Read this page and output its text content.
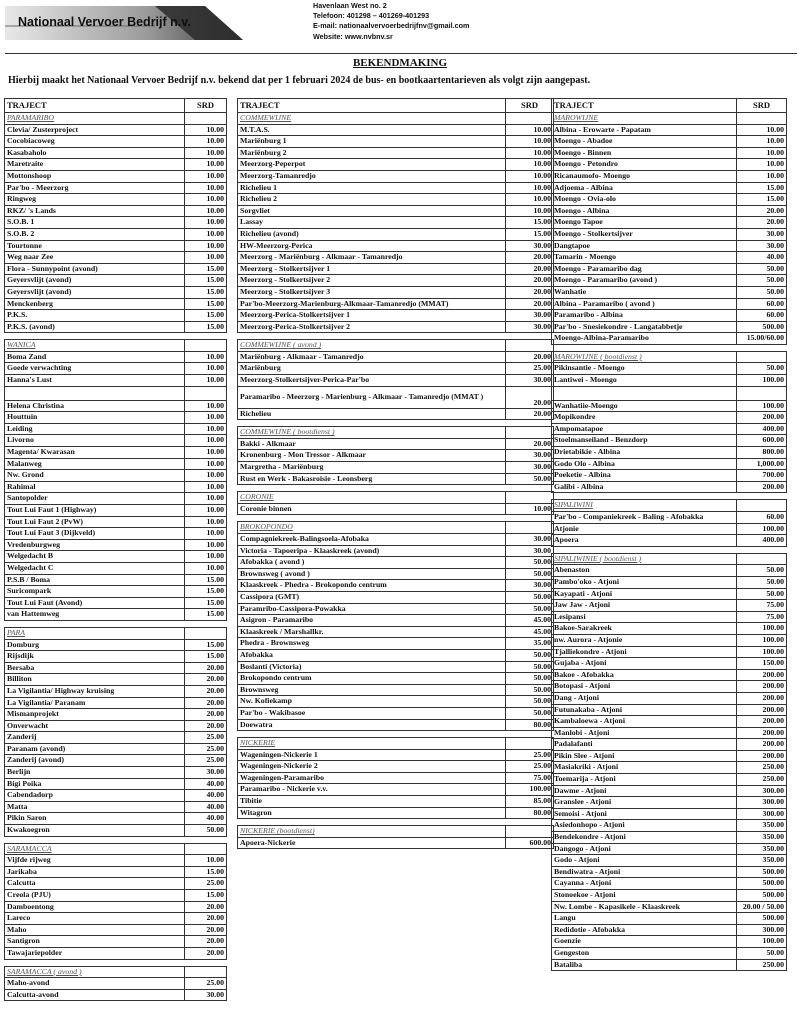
Nationaal Vervoer Bedrijf n.v.
Havenlaan West no. 2
Telefoon: 401298 – 401269-401293
E-mail: nationaalvervoerbedrijfnv@gmail.com
Website: www.nvbnv.sr
BEKENDMAKING
Hierbij maakt het Nationaal Vervoer Bedrijf n.v. bekend dat per 1 februari 2024 de bus- en bootkaartentarieven als volgt zijn aangepast.
TRAJECT	SRD
PARAMARIBO	
Clevia/ Zusterproject	10.00
Cocobiacoweg	10.00
Kasabaholo	10.00
Maretraite	10.00
Mottonshoop	10.00
Par'bo - Meerzorg	10.00
Ringweg	10.00
RKZ/ 's Lands	10.00
S.O.B. 1	10.00
S.O.B. 2	10.00
Tourtonne	10.00
Weg naar Zee	10.00
Flora - Sunnypoint (avond)	15.00
Geyersvlijt (avond)	15.00
Geyersvlijt (avond)	15.00
Menckenberg	15.00
P.K.S.	15.00
P.K.S. (avond)	15.00

WANICA	
Boma Zand	10.00
Goede verwachting	10.00
Hanna's Lust	10.00

Helena Christina	10.00
Houttuin	10.00
Leiding	10.00
Livorno	10.00
Magenta/ Kwarasan	10.00
Malanweg	10.00
Nw. Grond	10.00
Rahimal	10.00
Santopolder	10.00
Tout Lui Faut 1 (Highway)	10.00
Tout Lui Faut 2 (PvW)	10.00
Tout Lui Faut 3 (Dijkveld)	10.00
Vredenburgweg	10.00
Welgedacht B	10.00
Welgedacht C	10.00
P.S.B / Boma	15.00
Suricompark	15.00
Tout Lui Faut (Avond)	15.00
van Hattemweg	15.00

PARA	
Domburg	15.00
Rijsdijk	15.00
Bersaba	20.00
Billiton	20.00
La Vigilantia/ Highway kruising	20.00
La Vigilantia/ Paranam	20.00
Mismanprojekt	20.00
Onverwacht	20.00
Zanderij	25.00
Paranam (avond)	25.00
Zanderij (avond)	25.00
Berlijn	30.00
Bigi Poika	40.00
Cabendadorp	40.00
Matta	40.00
Pikin Saron	40.00
Kwakoegron	50.00

SARAMACCA	
Vijfde rijweg	10.00
Jarikaba	15.00
Calcutta	25.00
Creola (PJU)	15.00
Damboentong	20.00
Lareco	20.00
Maho	20.00
Santigron	20.00
Tawajariepolder	20.00

SARAMACCA ( avond )	
Maho-avond	25.00
Calcutta-avond	30.00
TRAJECT	SRD
COMMEWIJNE	
M.T.A.S.	10.00
Mariënburg 1	10.00
Mariënburg 2	10.00
Meerzorg-Peperpot	10.00
Meerzorg-Tamanredjo	10.00
Richelieu 1	10.00
Richelieu 2	10.00
Sorgvliet	10.00
Lassay	15.00
Richelieu (avond)	15.00
HW-Meerzorg-Perica	30.00
Meerzorg - Mariënburg - Alkmaar - Tamanredjo	20.00
Meerzorg - Stolkertsijver 1	20.00
Meerzorg - Stolkertsijver 2	20.00
Meerzorg - Stolkertsijver 3	20.00
Par'bo-Meerzorg-Marienburg-Alkmaar-Tamanredjo (MMAT)	20.00
Meerzorg-Perica-Stolkertsijver 1	30.00
Meerzorg-Perica-Stolkertsijver 2	30.00

COMMEWIJNE ( avond )	
Mariënburg - Alkmaar - Tamanredjo	20.00
Mariënburg	25.00
Meerzorg-Stolkertsijver-Perica-Par'bo	30.00
Paramaribo - Meerzorg - Marienburg - Alkmaar - Tamanredjo (MMAT )	20.00
Richelieu	20.00

COMMEWIJNE ( bootdienst )	
Bakki - Alkmaar	20.00
Kronenburg - Mon Tressor - Alkmaar	30.00
Margretha - Mariënburg	30.00
Rust en Werk - Bakasroisie - Leonsberg	50.00

CORONIE	
Coronie binnen	10.00

BROKOPONDO	
Compagniekreek-Balingsoela-Afobaka	30.00
Victoria - Tapoeripa - Klaaskreek (avond)	30.00
Afobakka ( avond )	50.00
Brownsweg ( avond )	50.00
Klaaskreek - Phedra - Brokopondo centrum	30.00
Cassipora (GMT)	50.00
Paramribo-Cassipora-Powakka	50.00
Asigron - Paramaribo	45.00
Klaaskreek / Marshallkr.	45.00
Phedra - Brownsweg	35.00
Afobakka	50.00
Boslanti (Victoria)	50.00
Brokopondo centrum	50.00
Brownsweg	50.00
Nw. Kofiekamp	50.00
Par'bo - Wakibasoe	50.00
Doewatra	80.00

NICKERIE	
Wageningen-Nickerie 1	25.00
Wageningen-Nickerie 2	25.00
Wageningen-Paramaribo	75.00
Paramaribo - Nickerie v.v.	100.00
Tibitie	85.00
Witagron	80.00

NICKERIE (bootdienst)	
Apoera-Nickerie	600.00
TRAJECT	SRD
MAROWIJNE	
Albina - Erowarte - Papatam	10.00
Moengo - Abadoe	10.00
Moengo - Binnen	10.00
Moengo - Petondro	10.00
Ricanaumofo- Moengo	10.00
Adjoema - Albina	15.00
Moengo - Ovia-olo	15.00
Moengo - Albina	20.00
Moengo Tapoe	20.00
Moengo - Stolkertsijver	30.00
Dangtapoe	30.00
Tamarin - Moengo	40.00
Moengo - Paramaribo dag	50.00
Moengo - Paramaribo (avond )	50.00
Wanhatie	50.00
Albina - Paramaribo ( avond )	60.00
Paramaribo - Albina	60.00
Par'bo - Snesiekondre - Langatabbetje	500.00
Moengo-Albina-Paramaribo	15.00/60.00

MAROWIJNE ( bootdienst )	
Pikinsantie - Moengo	50.00
Lantiwei - Moengo	100.00

Wanhatiie-Moengo	100.00
Mopikondre	200.00
Ampomatapoe	400.00
Stoelmanseiland - Benzdorp	600.00
Drietabikie - Albina	800.00
Godo Olo - Albina	1,000.00
Poeketie - Albina	700.00
Galibi - Albina	200.00

SIPALIWINI	
Par'bo - Companiekreek - Baling - Afobakka	60.00
Atjonie	100.00
Apoera	400.00

SIPALIWINIE ( bootdienst )	
Abenaston	50.00
Pambo'oko - Atjoni	50.00
Kayapati - Atjoni	50.00
Jaw Jaw - Atjoni	75.00
Lesipansi	75.00
Bakoe-Sarakreek	100.00
nw. Aurora - Atjonie	100.00
Tjalliekondre - Atjoni	100.00
Gujaba - Atjoni	150.00
Bakoe - Afobakka	200.00
Botopasi - Atjoni	200.00
Dang - Atjoni	200.00
Futunakaba - Atjoni	200.00
Kambaloewa - Atjoni	200.00
Manlobi - Atjoni	200.00
Padalafanti	200.00
Pikin Slee - Atjoni	200.00
Masiakriki - Atjoni	250.00
Toemarija - Atjoni	250.00
Dawme - Atjoni	300.00
Granslee - Atjoni	300.00
Semoisi - Atjoni	300.00
Asiedonhopo - Atjoni	350.00
Bendekondre - Atjoni	350.00
Dangogo - Atjoni	350.00
Godo - Atjoni	350.00
Bendiwatra - Atjoni	500.00
Cayanna - Atjoni	500.00
Stonoekoe - Atjoni	500.00
Nw. Lombe - Kapasikele - Klaaskreek	20.00 / 50.00
Langu	500.00
Redidotie - Afobakka	300.00
Goenzie	100.00
Gengeston	50.00
Bataliba	250.00
